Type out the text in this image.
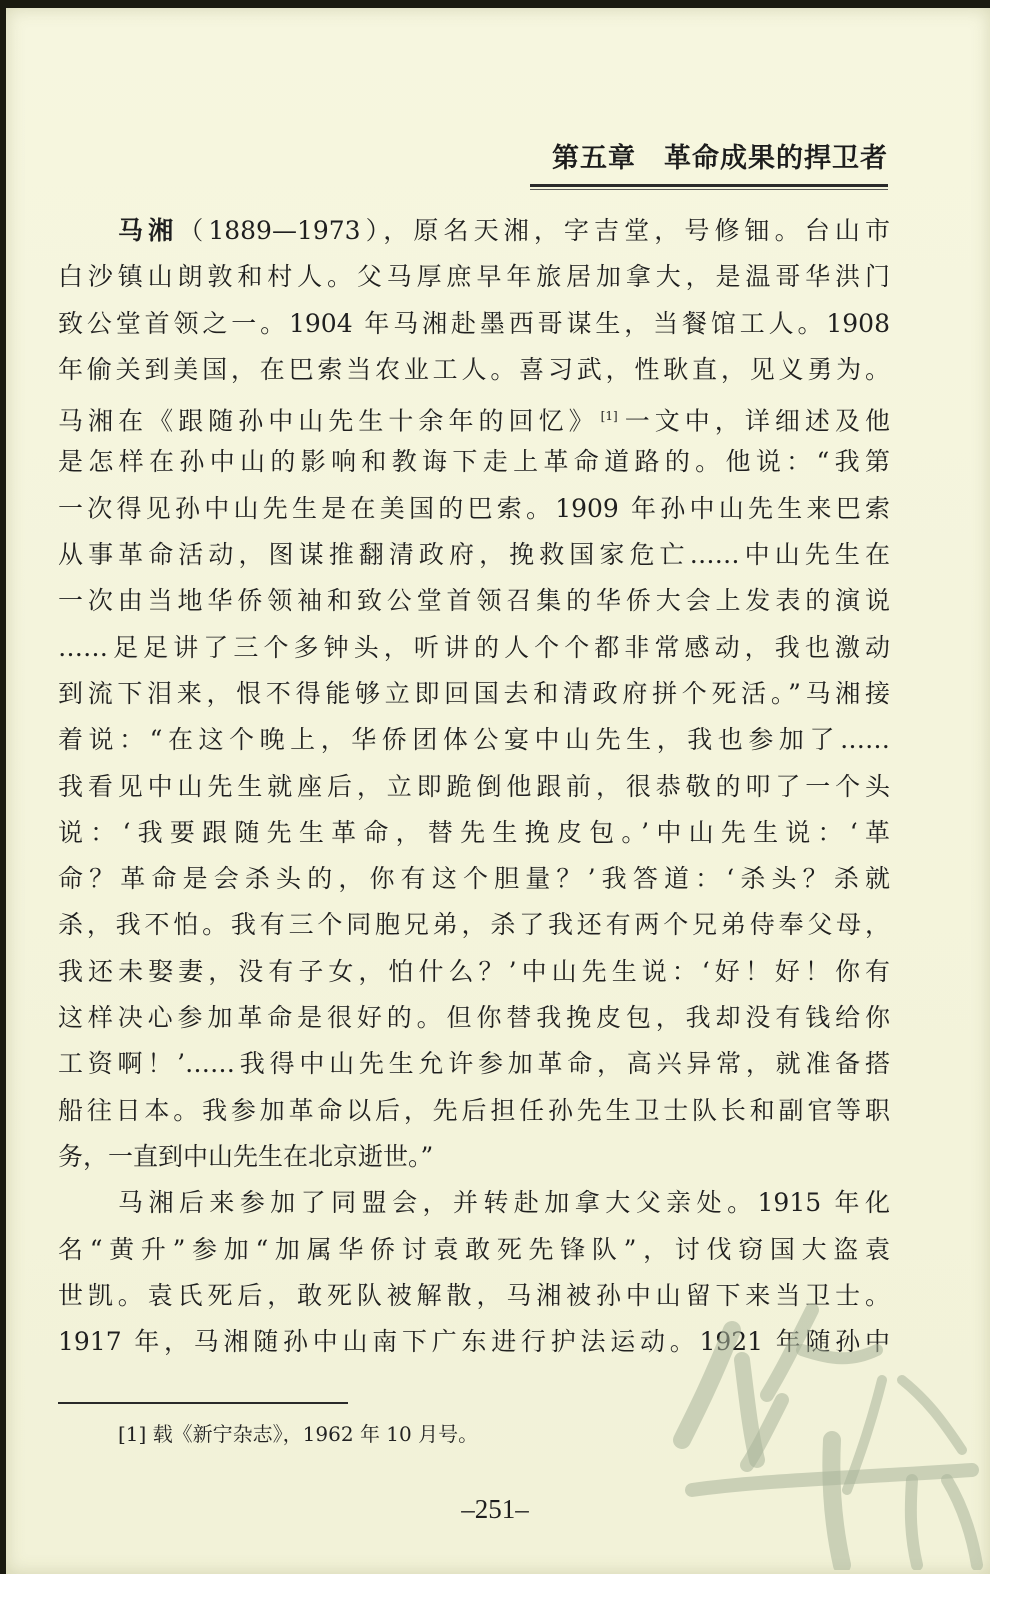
第五章　革命成果的捍卫者
马湘（1889—1973），原名天湘，字吉堂，号修钿。台山市
白沙镇山朗敦和村人。父马厚庶早年旅居加拿大，是温哥华洪门
致公堂首领之一。1904 年马湘赴墨西哥谋生，当餐馆工人。1908
年偷关到美国，在巴索当农业工人。喜习武，性耿直，见义勇为。
马湘在《跟随孙中山先生十余年的回忆》 [1]一文中，详细述及他
是怎样在孙中山的影响和教诲下走上革命道路的。他说：“我第
一次得见孙中山先生是在美国的巴索。1909 年孙中山先生来巴索
从事革命活动，图谋推翻清政府，挽救国家危亡……中山先生在
一次由当地华侨领袖和致公堂首领召集的华侨大会上发表的演说
……足足讲了三个多钟头，听讲的人个个都非常感动，我也激动
到流下泪来，恨不得能够立即回国去和清政府拼个死活。”马湘接
着说：“在这个晚上，华侨团体公宴中山先生，我也参加了……
我看见中山先生就座后，立即跪倒他跟前，很恭敬的叩了一个头
说：‘我要跟随先生革命，替先生挽皮包。’中山先生说：‘革
命？革命是会杀头的，你有这个胆量？’我答道：‘杀头？杀就
杀，我不怕。我有三个同胞兄弟，杀了我还有两个兄弟侍奉父母，
我还未娶妻，没有子女，怕什么？’中山先生说：‘好！好！你有
这样决心参加革命是很好的。但你替我挽皮包，我却没有钱给你
工资啊！’……我得中山先生允许参加革命，高兴异常，就准备搭
船往日本。我参加革命以后，先后担任孙先生卫士队长和副官等职
务，一直到中山先生在北京逝世。”
马湘后来参加了同盟会，并转赴加拿大父亲处。1915 年化
名“黄升”参加“加属华侨讨袁敢死先锋队”，讨伐窃国大盗袁
世凯。袁氏死后，敢死队被解散，马湘被孙中山留下来当卫士。
1917 年，马湘随孙中山南下广东进行护法运动。1921 年随孙中
[1] 载《新宁杂志》，1962 年 10 月号。
–251–
